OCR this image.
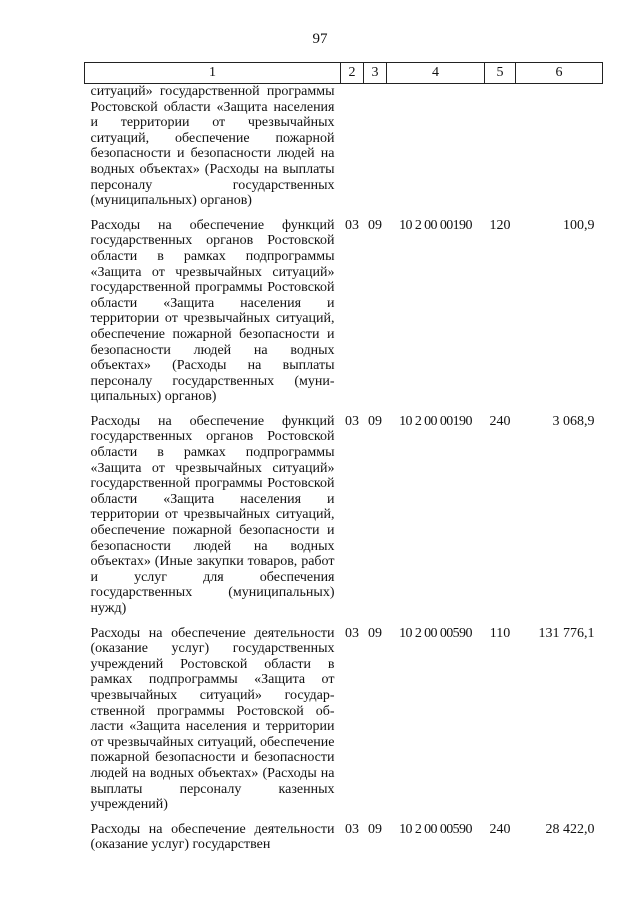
97
1	2	3	4	5	6
ситуаций» государственной программы Ростовской области «Защита населения и территории от чрезвычайных ситуаций, обеспечение пожарной безопасности и безопасности людей на водных объектах» (Расходы на выплаты персоналу государственных (муниципальных) органов)					

Расходы на обеспечение функций государственных органов Ростовской области в рамках подпрограммы «Защита от чрезвычайных ситуаций» государственной программы Ростовской области «Защита населения и территории от чрезвычайных ситуаций, обеспечение пожарной безопасности и безопасности людей на водных объектах» (Расходы на выплаты персоналу государственных (муниципальных) органов)	03	09	10 2 00 00190	120	100,9

Расходы на обеспечение функций государственных органов Ростовской области в рамках подпрограммы «Защита от чрезвычайных ситуаций» государственной программы Ростовской области «Защита населения и территории от чрезвычайных ситуаций, обеспечение пожарной безопасности и безопасности людей на водных объектах» (Иные закупки товаров, работ и услуг для обеспечения государственных (муниципальных) нужд)	03	09	10 2 00 00190	240	3 068,9

Расходы на обеспечение деятельности (оказание услуг) государственных учреждений Ростовской области в рамках подпрограммы «Защита от чрезвычайных ситуаций» государственной программы Ростовской области «Защита населения и территории от чрезвычайных ситуаций, обеспечение пожарной безопасности и безопасности людей на водных объектах» (Расходы на выплаты персоналу казенных учреждений)	03	09	10 2 00 00590	110	131 776,1

Расходы на обеспечение деятельности (оказание услуг) государствен	03	09	10 2 00 00590	240	28 422,0
